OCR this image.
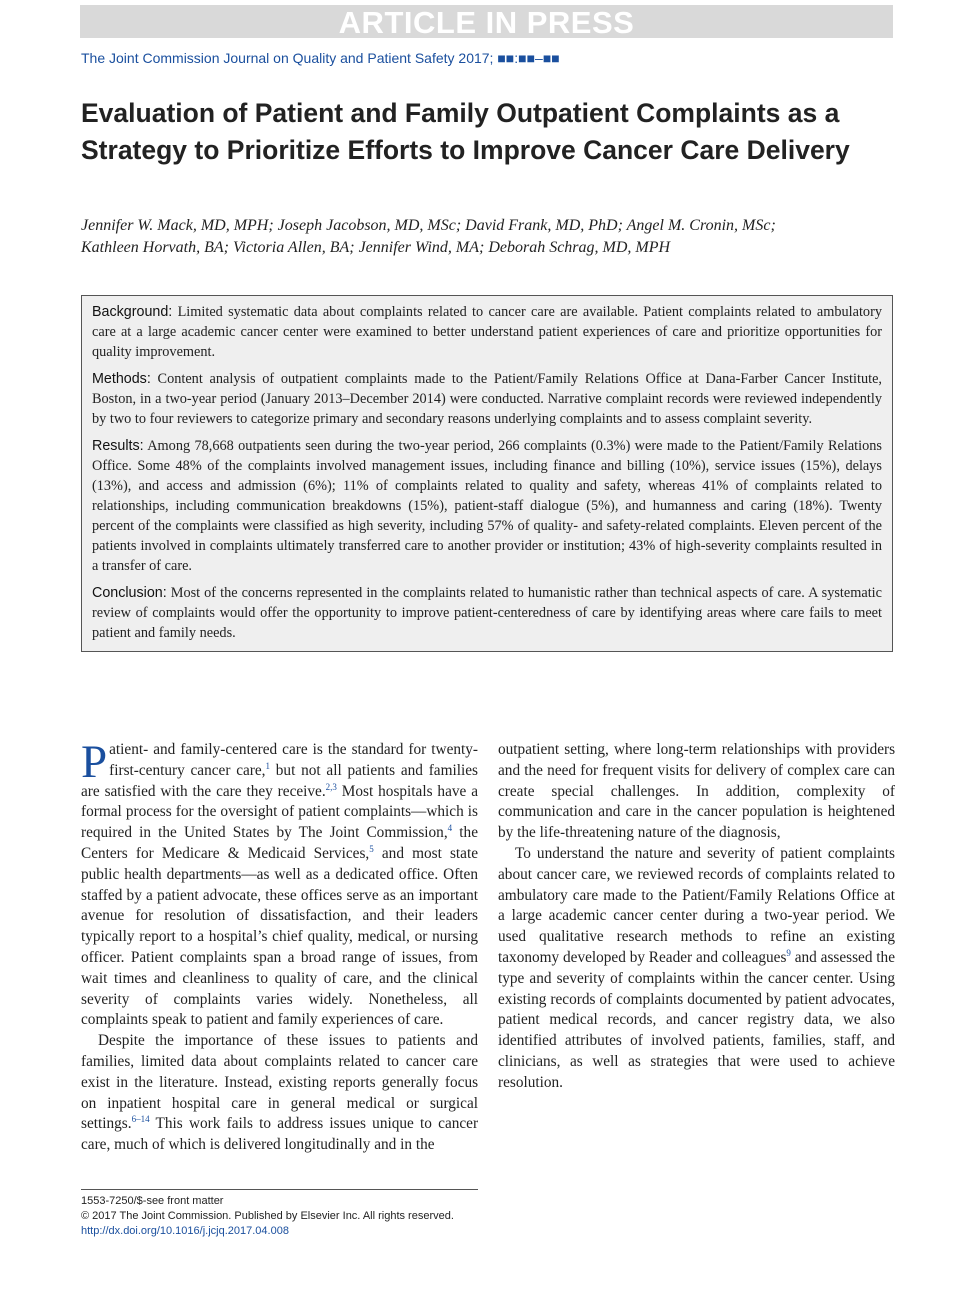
ARTICLE IN PRESS
The Joint Commission Journal on Quality and Patient Safety 2017; ■■:■■–■■
Evaluation of Patient and Family Outpatient Complaints as a Strategy to Prioritize Efforts to Improve Cancer Care Delivery
Jennifer W. Mack, MD, MPH; Joseph Jacobson, MD, MSc; David Frank, MD, PhD; Angel M. Cronin, MSc;
Kathleen Horvath, BA; Victoria Allen, BA; Jennifer Wind, MA; Deborah Schrag, MD, MPH

Background: Limited systematic data about complaints related to cancer care are available. Patient complaints related to ambulatory care at a large academic cancer center were examined to better understand patient experiences of care and prioritize opportunities for quality improvement.

Methods: Content analysis of outpatient complaints made to the Patient/Family Relations Office at Dana-Farber Cancer Institute, Boston, in a two-year period (January 2013–December 2014) were conducted. Narrative complaint records were reviewed independently by two to four reviewers to categorize primary and secondary reasons underlying complaints and to assess complaint severity.

Results: Among 78,668 outpatients seen during the two-year period, 266 complaints (0.3%) were made to the Patient/Family Relations Office. Some 48% of the complaints involved management issues, including finance and billing (10%), service issues (15%), delays (13%), and access and admission (6%); 11% of complaints related to quality and safety, whereas 41% of complaints related to relationships, including communication breakdowns (15%), patient-staff dialogue (5%), and humanness and caring (18%). Twenty percent of the complaints were classified as high severity, including 57% of quality- and safety-related complaints. Eleven percent of the patients involved in complaints ultimately transferred care to another provider or institution; 43% of high-severity complaints resulted in a transfer of care.

Conclusion: Most of the concerns represented in the complaints related to humanistic rather than technical aspects of care. A systematic review of complaints would offer the opportunity to improve patient-centeredness of care by identifying areas where care fails to meet patient and family needs.

Patient- and family-centered care is the standard for twenty-first-century cancer care,$^1$ but not all patients and families are satisfied with the care they receive.$^{2,3}$ Most hospitals have a formal process for the oversight of patient complaints—which is required in the United States by The Joint Commission,$^4$ the Centers for Medicare & Medicaid Services,$^5$ and most state public health departments—as well as a dedicated office. Often staffed by a patient advocate, these offices serve as an important avenue for resolution of dissatisfaction, and their leaders typically report to a hospital’s chief quality, medical, or nursing officer. Patient complaints span a broad range of issues, from wait times and cleanliness to quality of care, and the clinical severity of complaints varies widely. Nonetheless, all complaints speak to patient and family experiences of care.

Despite the importance of these issues to patients and families, limited data about complaints related to cancer care exist in the literature. Instead, existing reports generally focus on inpatient hospital care in general medical or surgical settings.$^{6-14}$ This work fails to address issues unique to cancer care, much of which is delivered longitudinally and in the

outpatient setting, where long-term relationships with providers and the need for frequent visits for delivery of complex care can create special challenges. In addition, complexity of communication and care in the cancer population is heightened by the life-threatening nature of the diagnosis,

To understand the nature and severity of patient complaints about cancer care, we reviewed records of complaints related to ambulatory care made to the Patient/Family Relations Office at a large academic cancer center during a two-year period. We used qualitative research methods to refine an existing taxonomy developed by Reader and colleagues$^9$ and assessed the type and severity of complaints within the cancer center. Using existing records of complaints documented by patient advocates, patient medical records, and cancer registry data, we also identified attributes of involved patients, families, staff, and clinicians, as well as strategies that were used to achieve resolution.

1553-7250/$-see front matter
© 2017 The Joint Commission. Published by Elsevier Inc. All rights reserved.
http://dx.doi.org/10.1016/j.jcjq.2017.04.008
